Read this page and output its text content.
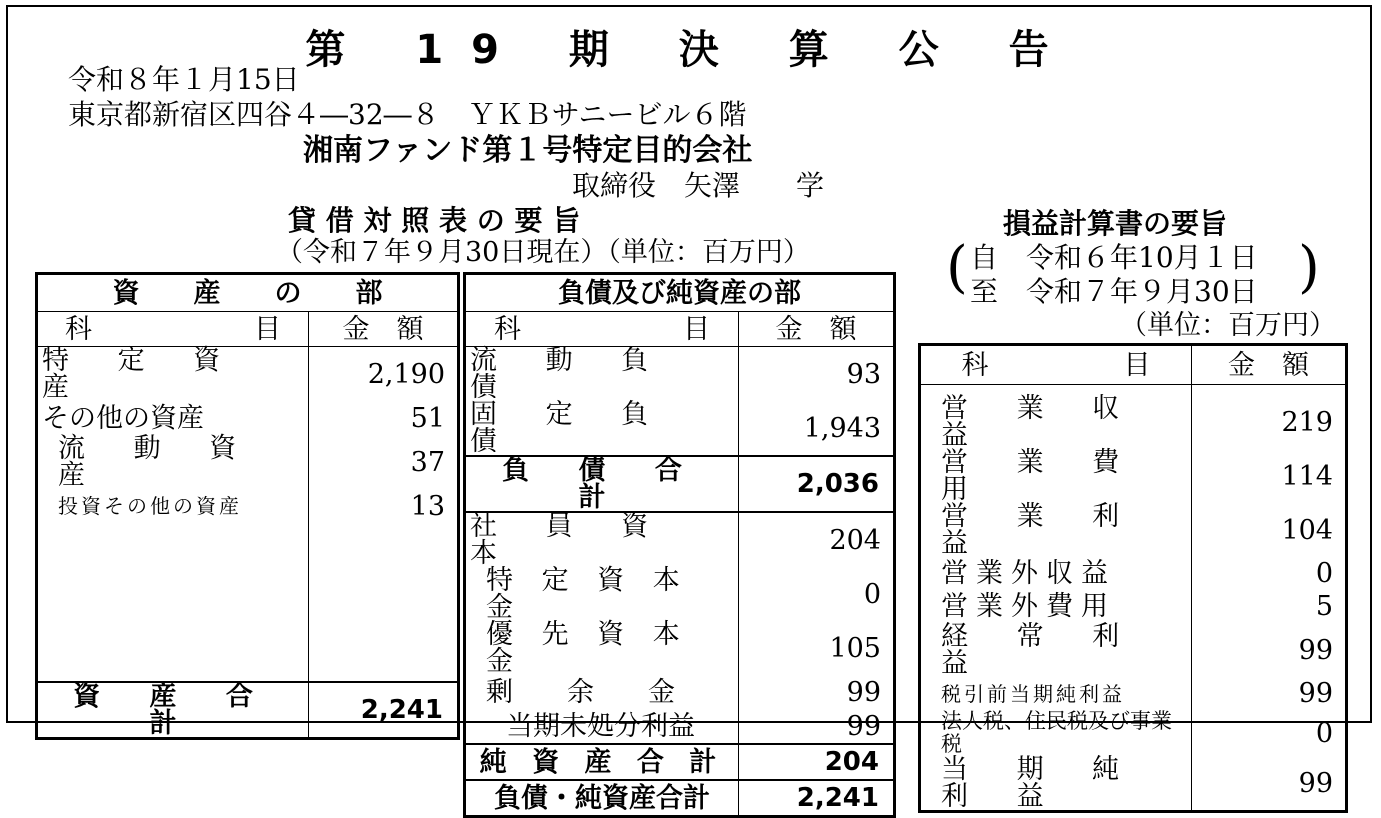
第 19 期 決 算 公 告
令和８年１月15日
東京都新宿区四谷４―32―８　ＹＫＢサニービル６階
湘南ファンド第１号特定目的会社
取締役　矢澤　　学
貸 借 対 照 表 の 要 旨
（令和７年９月30日現在）（単位：百万円）
資　　産　　の　　部	
科　　　　　　目	金　額
特 定 資 産	2,190
その他の資産	51
流 動 資 産	37
投資その他の資産	13

資 産 合 計	2,241
負債及び純資産の部	
科　　　　　　目	金　額
流 動 負 債	93
固 定 負 債	1,943
負 債 合 計	2,036
社 員 資 本	204
特 定 資 本 金	0
優 先 資 本 金	105
剰　　余　　金	99
当期未処分利益	99
純 資 産 合 計	204
負債・純資産合計	2,241
損益計算書の要旨
( 自　令和６年10月１日
至　令和７年９月30日 )
（単位：百万円）
科　　　　　目	金　額

営 業 収 益	219
営 業 費 用	114
営 業 利 益	104
営業外収益	0
営業外費用	5
経 常 利 益	99
税引前当期純利益	99
法人税、住民税及び事業税	0
当 期 純 利 益	99
